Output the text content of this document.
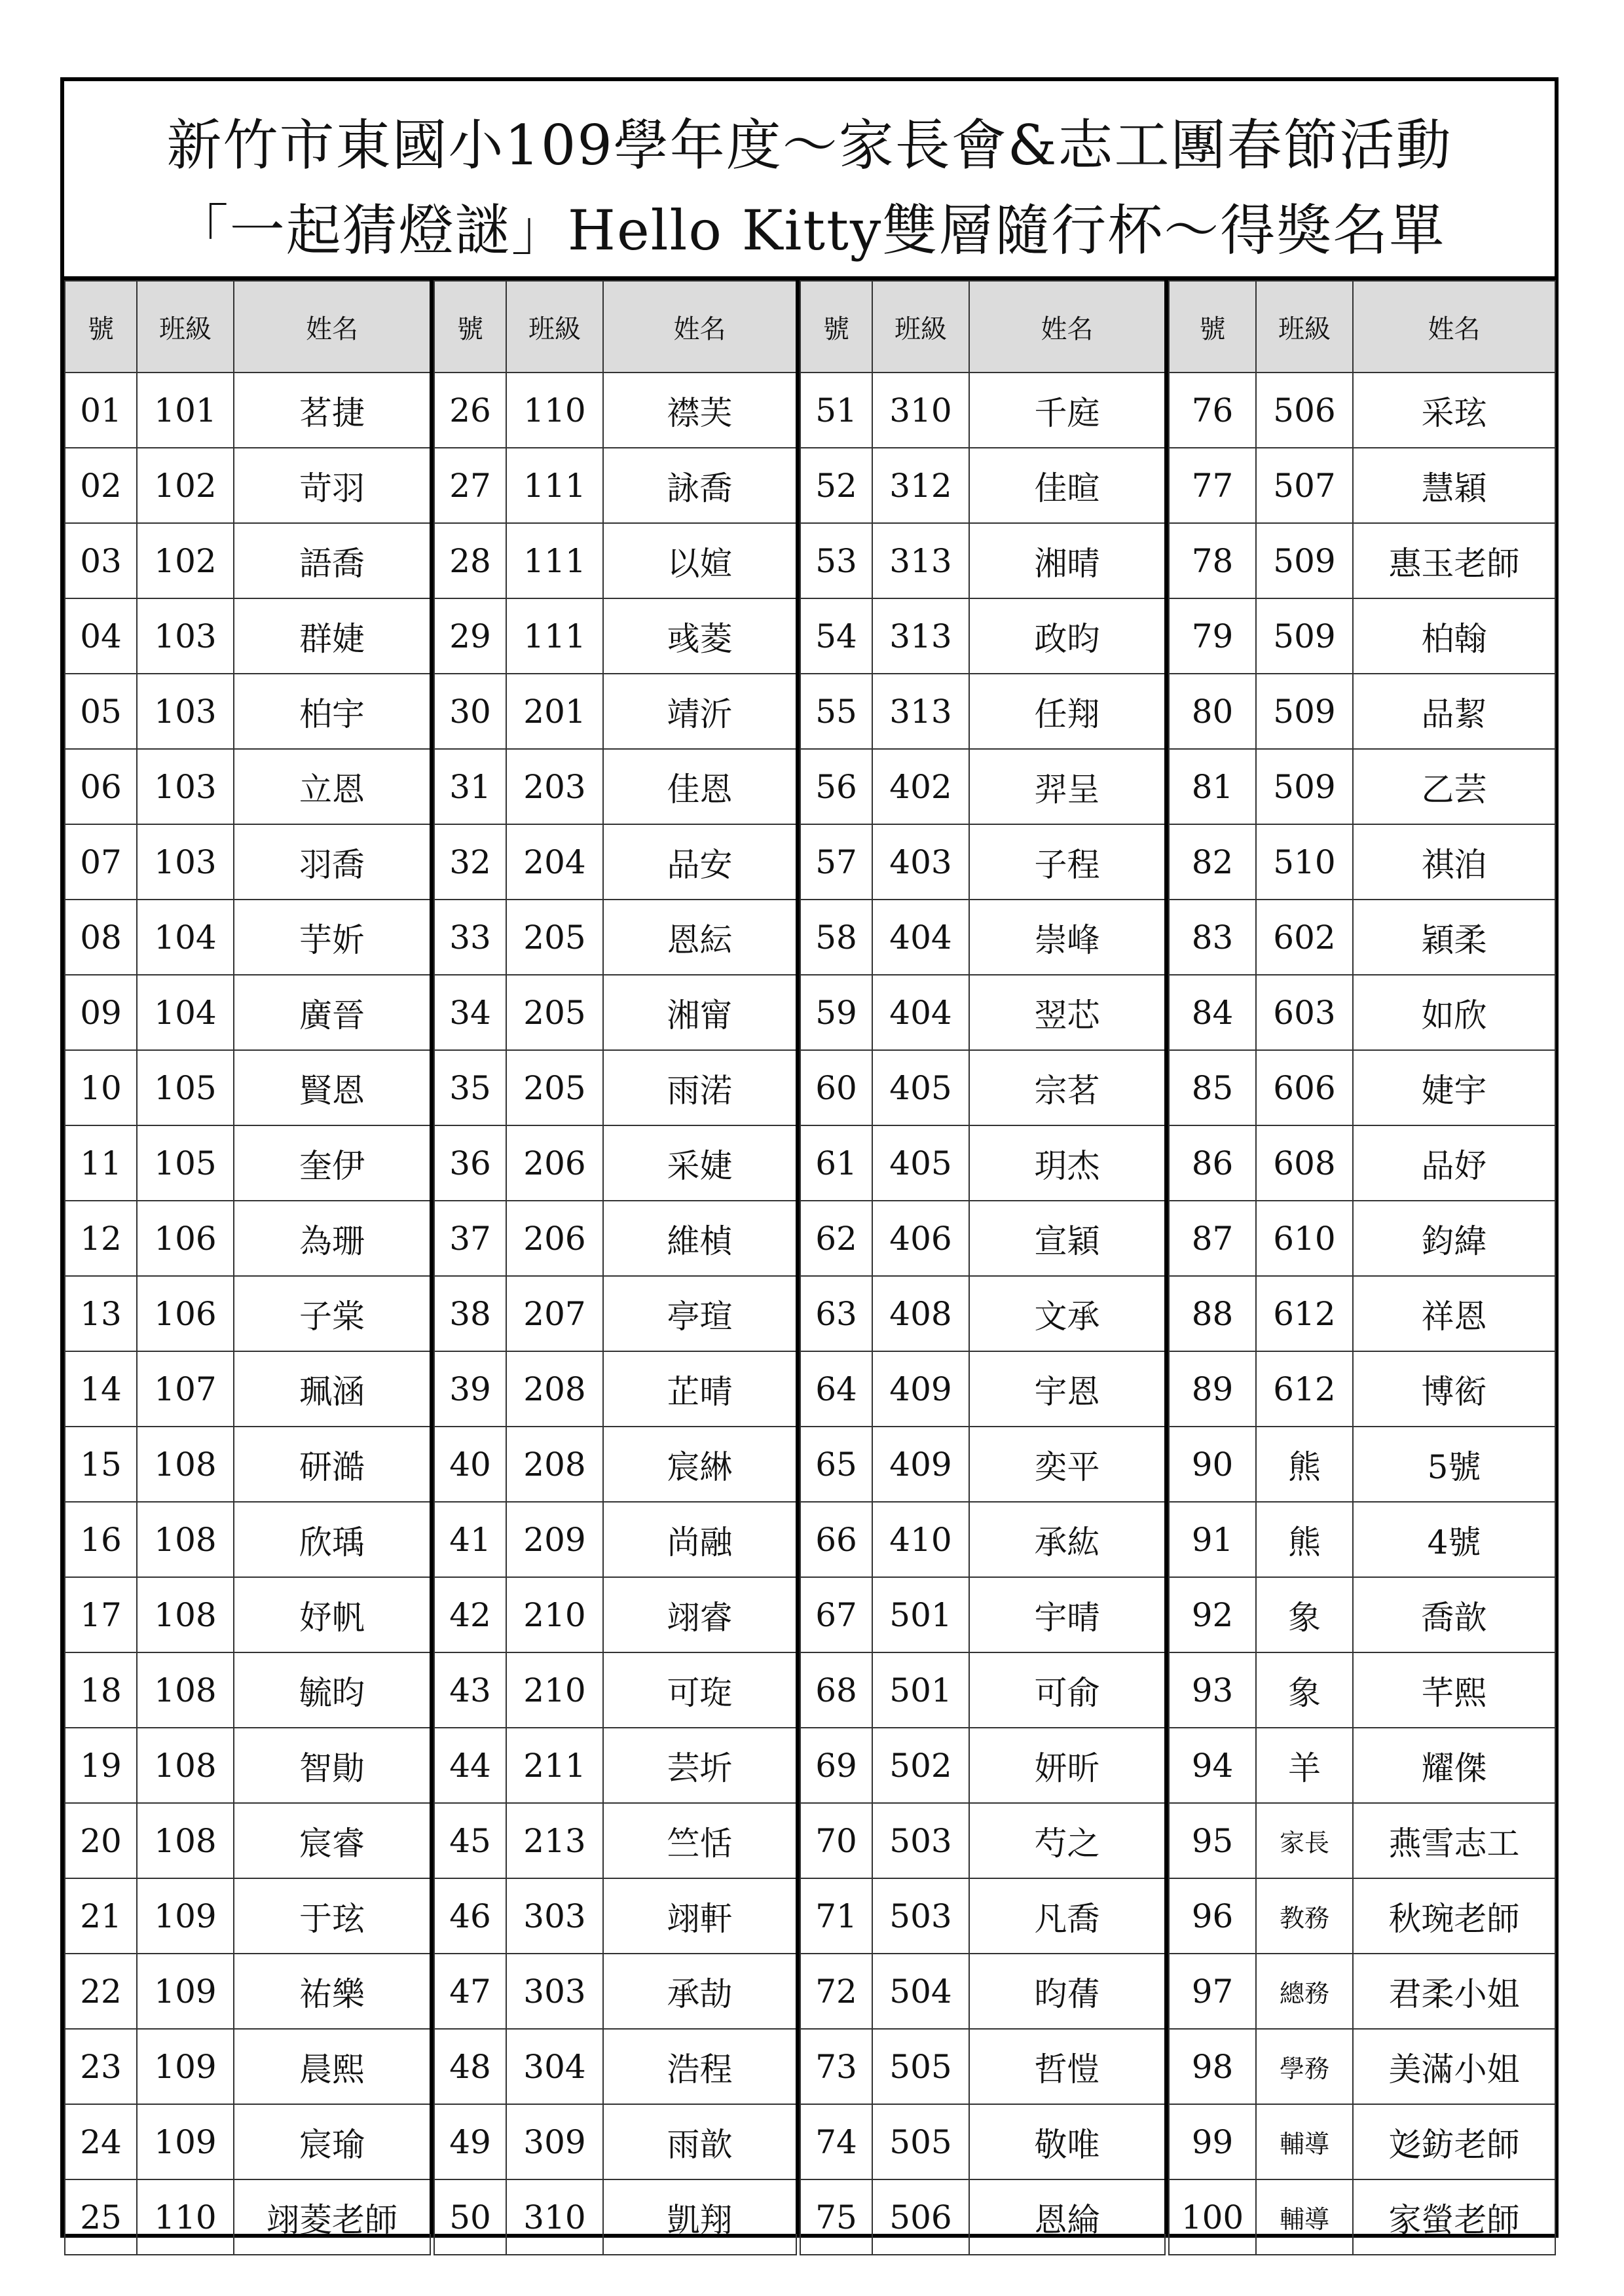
新竹市東國小109學年度～家長會&志工團春節活動
「一起猜燈謎」Hello Kitty雙層隨行杯～得獎名單
號	班級	姓名
01	101	茗捷
02	102	苛羽
03	102	語喬
04	103	群婕
05	103	柏宇
06	103	立恩
07	103	羽喬
08	104	芋妡
09	104	廣晉
10	105	賢恩
11	105	奎伊
12	106	為珊
13	106	子棠
14	107	珮涵
15	108	研澔
16	108	欣瑀
17	108	妤帆
18	108	毓昀
19	108	智勛
20	108	宸睿
21	109	于玹
22	109	祐樂
23	109	晨熙
24	109	宸瑜
25	110	翊菱老師
號	班級	姓名
26	110	襟芙
27	111	詠喬
28	111	以媗
29	111	彧菱
30	201	靖沂
31	203	佳恩
32	204	品安
33	205	恩紜
34	205	湘甯
35	205	雨渃
36	206	采婕
37	206	維楨
38	207	亭瑄
39	208	芷晴
40	208	宸綝
41	209	尚融
42	210	翊睿
43	210	可琁
44	211	芸圻
45	213	竺恬
46	303	翊軒
47	303	承劼
48	304	浩程
49	309	雨歆
50	310	凱翔
號	班級	姓名
51	310	千庭
52	312	佳暄
53	313	湘晴
54	313	政昀
55	313	任翔
56	402	羿呈
57	403	子程
58	404	崇峰
59	404	翌芯
60	405	宗茗
61	405	玥杰
62	406	宣穎
63	408	文承
64	409	宇恩
65	409	奕平
66	410	承紘
67	501	宇晴
68	501	可俞
69	502	妍昕
70	503	芍之
71	503	凡喬
72	504	昀蒨
73	505	哲愷
74	505	敬唯
75	506	恩綸
號	班級	姓名
76	506	采玹
77	507	慧穎
78	509	惠玉老師
79	509	柏翰
80	509	品絜
81	509	乙芸
82	510	祺洎
83	602	穎柔
84	603	如欣
85	606	婕宇
86	608	品妤
87	610	鈞緯
88	612	祥恩
89	612	博衒
90	熊	5號
91	熊	4號
92	象	喬歆
93	象	芊熙
94	羊	耀傑
95	家長	燕雪志工
96	教務	秋琬老師
97	總務	君柔小姐
98	學務	美滿小姐
99	輔導	彣鈁老師
100	輔導	家螢老師
